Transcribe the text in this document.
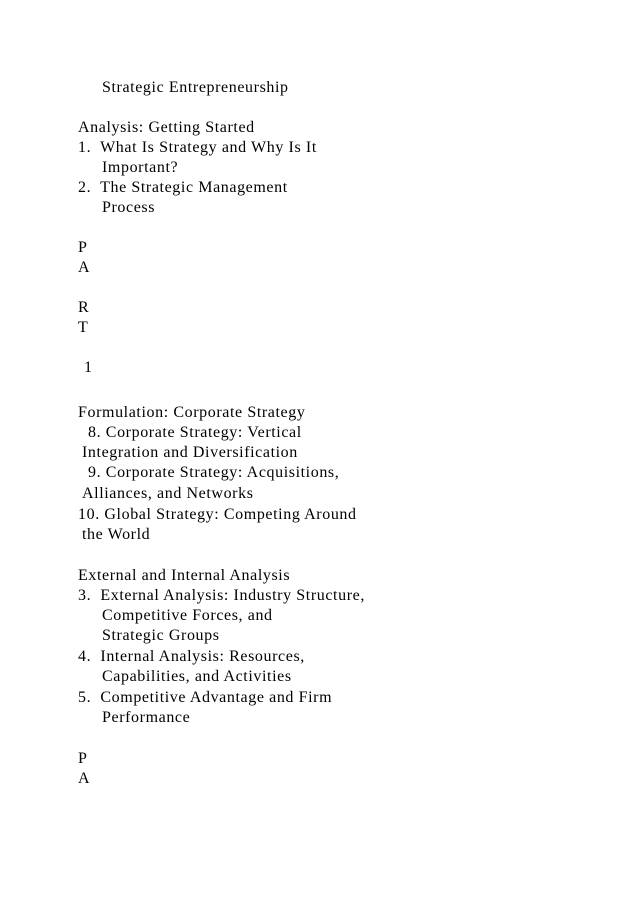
Strategic Entrepreneurship

Analysis: Getting Started

1.  What Is Strategy and Why Is It

Important?

2.  The Strategic Management

Process

P

A

R

T

1

Formulation: Corporate Strategy

8. Corporate Strategy: Vertical

Integration and Diversification

9. Corporate Strategy: Acquisitions,

Alliances, and Networks

10. Global Strategy: Competing Around

the World

External and Internal Analysis

3.  External Analysis: Industry Structure,

Competitive Forces, and

Strategic Groups

4.  Internal Analysis: Resources,

Capabilities, and Activities

5.  Competitive Advantage and Firm

Performance

P

A
